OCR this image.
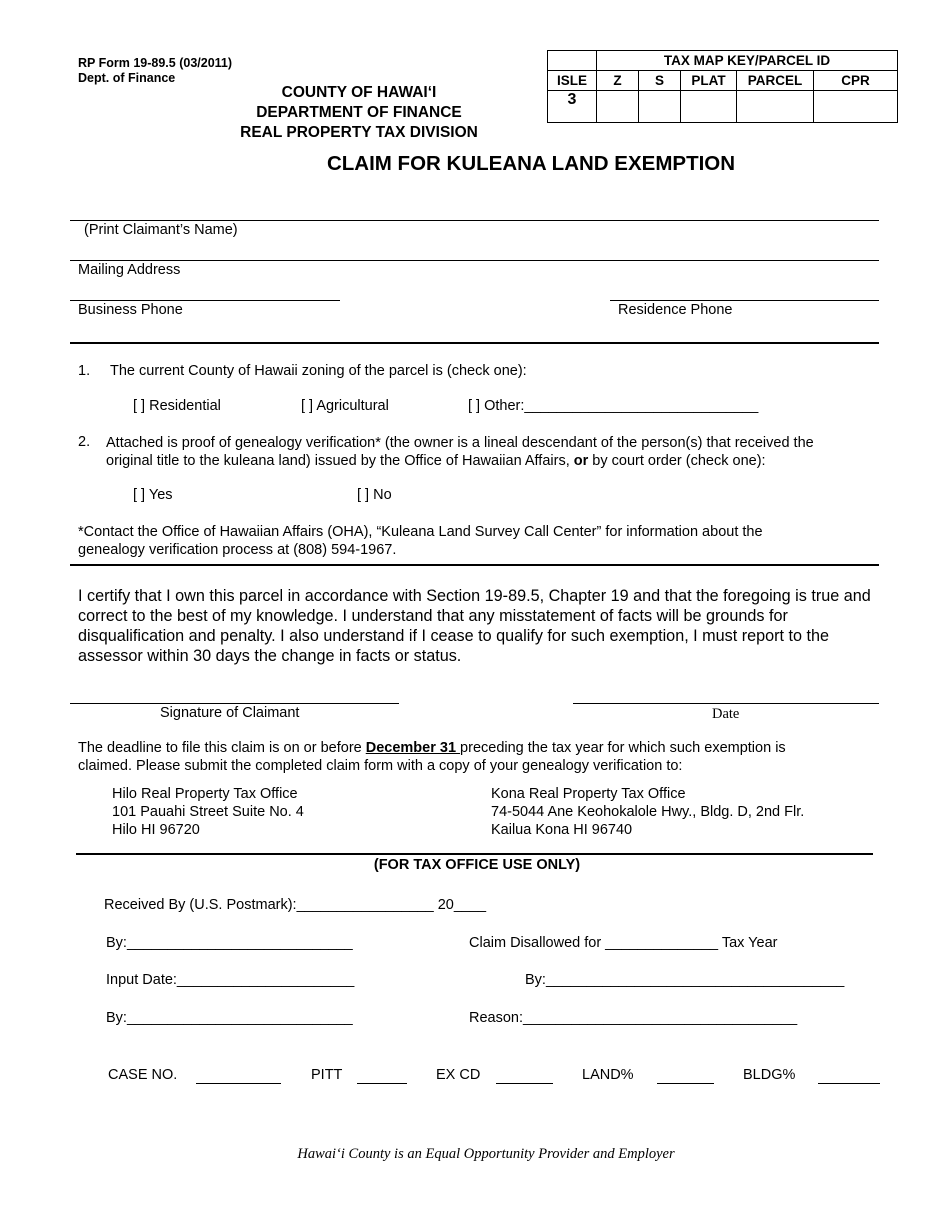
RP Form 19-89.5 (03/2011)
Dept. of Finance
COUNTY OF HAWAI‘I
DEPARTMENT OF FINANCE
REAL PROPERTY TAX DIVISION
	TAX MAP KEY/PARCEL ID				
ISLE	Z	S	PLAT	PARCEL	CPR
3					
CLAIM FOR KULEANA LAND EXEMPTION
(Print Claimant’s Name)
Mailing Address
Business Phone	Residence Phone
1. The current County of Hawaii zoning of the parcel is (check one):
[ ] Residential	[ ] Agricultural	[ ] Other:_____________________________
2. Attached is proof of genealogy verification* (the owner is a lineal descendant of the person(s) that received the
original title to the kuleana land) issued by the Office of Hawaiian Affairs, or by court order (check one):
[ ] Yes	[ ] No
*Contact the Office of Hawaiian Affairs (OHA), “Kuleana Land Survey Call Center” for information about the
genealogy verification process at (808) 594-1967.
I certify that I own this parcel in accordance with Section 19-89.5, Chapter 19 and that the foregoing is true and correct to the best of my knowledge. I understand that any misstatement of facts will be grounds for disqualification and penalty. I also understand if I cease to qualify for such exemption, I must report to the assessor within 30 days the change in facts or status.
Signature of Claimant	Date
The deadline to file this claim is on or before December 31 preceding the tax year for which such exemption is
claimed. Please submit the completed claim form with a copy of your genealogy verification to:
Hilo Real Property Tax Office
101 Pauahi Street Suite No. 4
Hilo HI 96720
Kona Real Property Tax Office
74-5044 Ane Keohokalole Hwy., Bldg. D, 2nd Flr.
Kailua Kona HI 96740
(FOR TAX OFFICE USE ONLY)
Received By (U.S. Postmark):_________________ 20____
By:____________________________	Claim Disallowed for ______________ Tax Year
Input Date:______________________	By:_____________________________________
By:____________________________	Reason:__________________________________
CASE NO.	PITT	EX CD	LAND%	BLDG%
Hawai‘i County is an Equal Opportunity Provider and Employer
